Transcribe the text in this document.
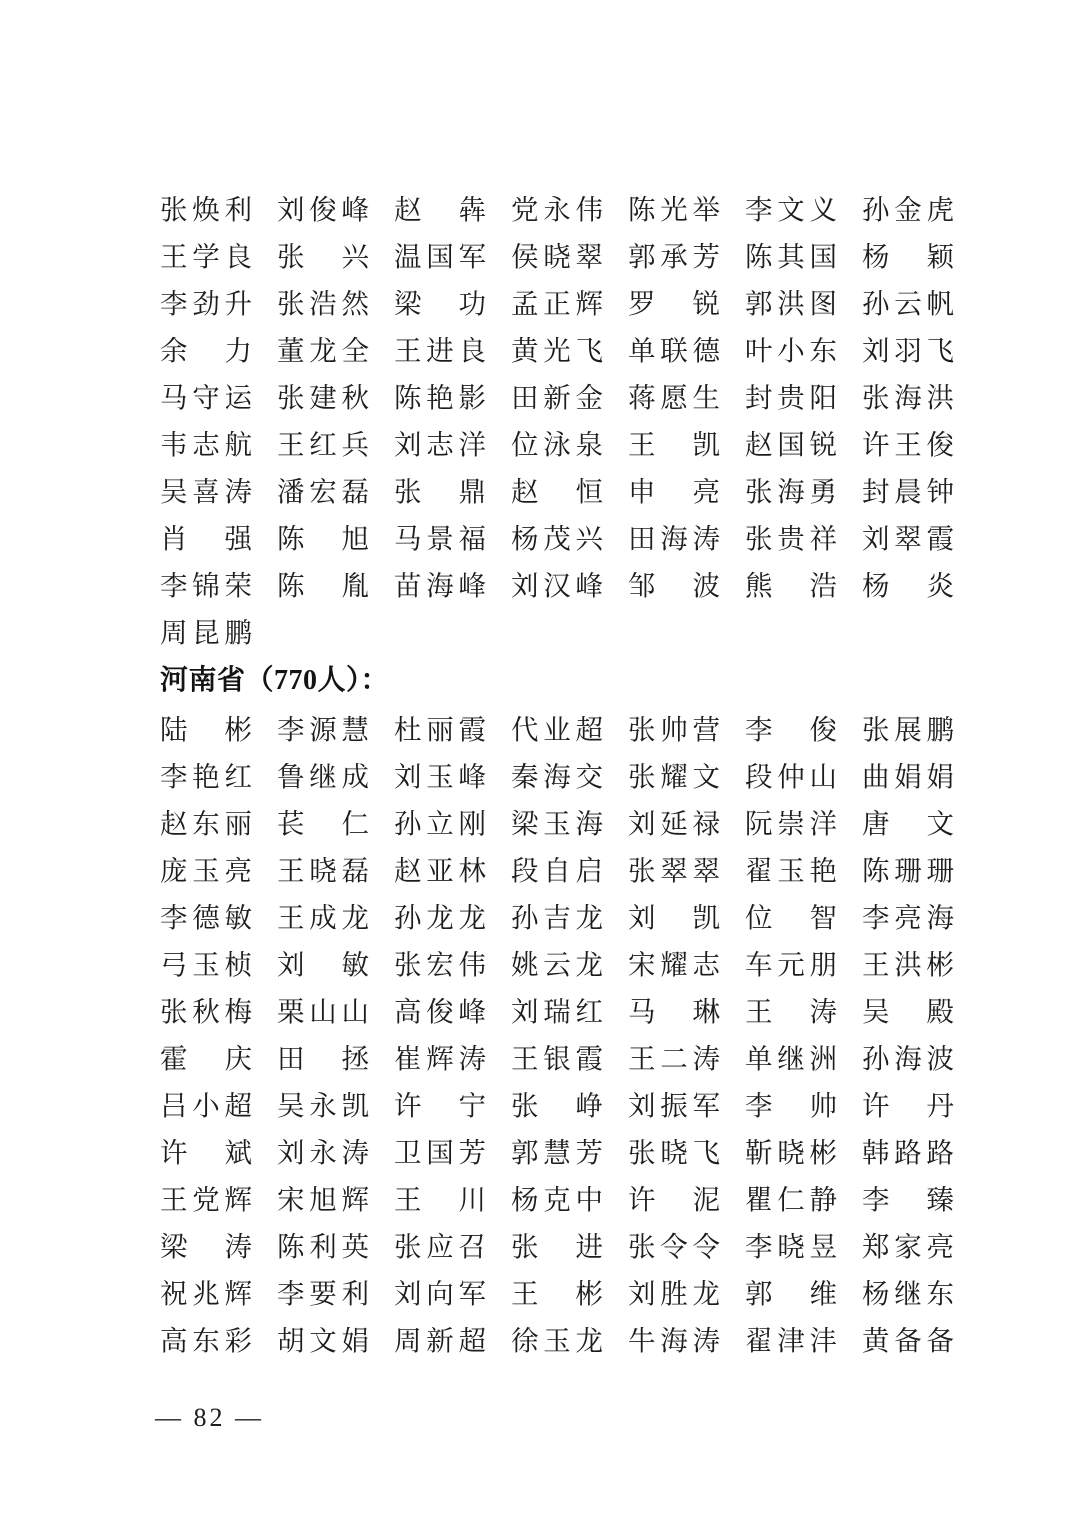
张焕利 刘俊峰 赵犇 党永伟 陈光举 李文义 孙金虎
王学良 张兴 温国军 侯晓翠 郭承芳 陈其国 杨颖
李劲升 张浩然 梁功 孟正辉 罗锐 郭洪图 孙云帆
余力 董龙全 王进良 黄光飞 单联德 叶小东 刘羽飞
马守运 张建秋 陈艳影 田新金 蒋愿生 封贵阳 张海洪
韦志航 王红兵 刘志洋 位泳泉 王凯 赵国锐 许王俊
吴喜涛 潘宏磊 张鼎 赵恒 申亮 张海勇 封晨钟
肖强 陈旭 马景福 杨茂兴 田海涛 张贵祥 刘翠霞
李锦荣 陈胤 苗海峰 刘汉峰 邹波 熊浩 杨炎
周昆鹏
河南省（770人）：
陆彬 李源慧 杜丽霞 代业超 张帅营 李俊 张展鹏
李艳红 鲁继成 刘玉峰 秦海交 张耀文 段仲山 曲娟娟
赵东丽 苌仁 孙立刚 梁玉海 刘延禄 阮崇洋 唐文
庞玉亮 王晓磊 赵亚林 段自启 张翠翠 翟玉艳 陈珊珊
李德敏 王成龙 孙龙龙 孙吉龙 刘凯 位智 李亮海
弓玉桢 刘敏 张宏伟 姚云龙 宋耀志 车元朋 王洪彬
张秋梅 栗山山 高俊峰 刘瑞红 马琳 王涛 吴殿
霍庆 田拯 崔辉涛 王银霞 王二涛 单继洲 孙海波
吕小超 吴永凯 许宁 张峥 刘振军 李帅 许丹
许斌 刘永涛 卫国芳 郭慧芳 张晓飞 靳晓彬 韩路路
王党辉 宋旭辉 王川 杨克中 许泥 瞿仁静 李臻
梁涛 陈利英 张应召 张进 张令令 李晓昱 郑家亮
祝兆辉 李要利 刘向军 王彬 刘胜龙 郭维 杨继东
高东彩 胡文娟 周新超 徐玉龙 牛海涛 翟津沣 黄备备
— 82 —
